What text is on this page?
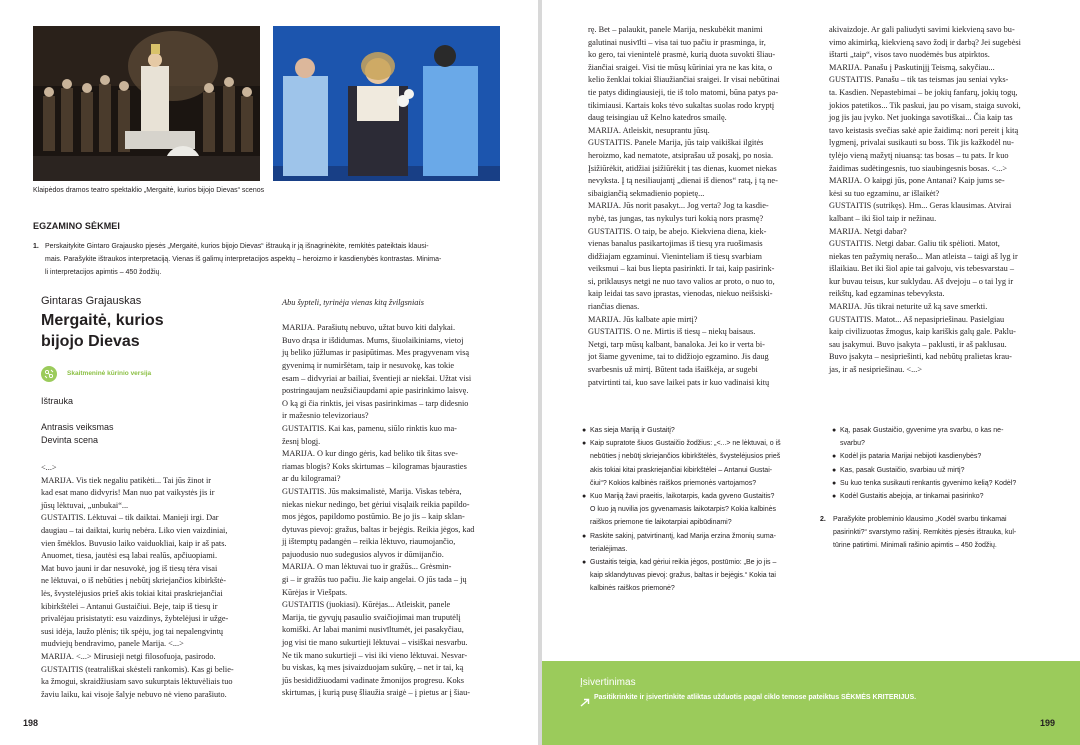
Klaipėdos dramos teatro spektaklio „Mergaitė, kurios bijojo Dievas“ scenos
EGZAMINO SĖKMEI
1. Perskaitykite Gintaro Grajausko pjesės „Mergaitė, kurios bijojo Dievas“ ištrauką ir ją išnagrinėkite, remkitės pateiktais klausi-
mais. Parašykite ištraukos interpretaciją. Vienas iš galimų interpretacijos aspektų – heroizmo ir kasdienybės kontrastas. Minima-
li interpretacijos apimtis – 450 žodžių.
Gintaras Grajauskas
Mergaitė, kurios
bijojo Dievas
Skaitmeninė kūrinio versija
Ištrauka
Antrasis veiksmas
Devinta scena
<...>
MARIJA. Vis tiek negaliu patikėti... Tai jūs žinot ir
kad esat mano didvyris! Man nuo pat vaikystės jis ir
jūsų lėktuvai, „unbukai“...
GUSTAITIS. Lėktuvai – tik daiktai. Manieji irgi. Dar
daugiau – tai daiktai, kurių nebėra. Liko vien vaizdiniai,
vien šmėklos. Buvusio laiko vaiduokliai, kaip ir aš pats.
Anuomet, tiesa, jautėsi esą labai realūs, apčiuopiami.
Mat buvo jauni ir dar nesuvokė, jog iš tiesų tėra visai
ne lėktuvai, o iš nebūties į nebūtį skriejančios kibirkštė-
lės, švystelėjusios prieš akis tokiai kitai praskriejančiai
kibirkštėlei – Antanui Gustaičiui. Beje, taip iš tiesų ir
privalėjau prisistatyti: esu vaizdinys, žybtelėjusi ir užge-
susi idėja, laužo plėnis; tik spėju, jog tai nepalengvintų
mudviejų bendravimo, panele Marija. <...>
MARIJA. <...> Mirusieji netgi filosofuoja, pasirodo.
GUSTAITIS (teatrališkai skėsteli rankomis). Kas gi belie-
ka žmogui, skraidžiusiam savo sukurptais lėktuvėliais tuo
žaviu laiku, kai visoje šalyje nebuvo nė vieno parašiuto.
Abu šypteli, tyrinėja vienas kitą žvilgsniais
MARIJA. Parašiutų nebuvo, užtat buvo kiti dalykai.
Buvo drąsa ir išdidumas. Mums, šiuolaikiniams, vietoj
jų beliko jūžlumas ir pasipūtimas. Mes pragyvenam visą
gyvenimą ir numiršėtam, taip ir nesuvokę, kas tokie
esam – didvyriai ar bailiai, šventieji ar niekšai. Užtat visi
postringaujam neužsičiaupdami apie pasirinkimo laisvę.
O ką gi čia rinktis, jei visas pasirinkimas – tarp didesnio
ir mažesnio televizoriaus?
GUSTAITIS. Kai kas, pamenu, siūlo rinktis kuo ma-
žesnį blogį.
MARIJA. O kur dingo gėris, kad beliko tik šitas sve-
riamas blogis? Koks skirtumas – kilogramas bjaurasties
ar du kilogramai?
GUSTAITIS. Jūs maksimalistė, Marija. Viskas tebėra,
niekas niekur nedingo, bet gėriui visąlaik reikia papildo-
mos jėgos, papildomo postūmio. Be jo jis – kaip sklan-
dytuvas pievoj: gražus, baltas ir bejėgis. Reikia jėgos, kad
jį ištemptų padangėn – reikia lėktuvo, riaumojančio,
pajuodusio nuo sudegusios alyvos ir dūmijančio.
MARIJA. O man lėktuvai tuo ir gražūs... Grėsmin-
gi – ir gražūs tuo pačiu. Jie kaip angelai. O jūs tada – jų
Kūrėjas ir Viešpats.
GUSTAITIS (juokiasi). Kūrėjas... Atleiskit, panele
Marija, tie gyvųjų pasaulio svaičiojimai man truputėlį
komiški. Ar labai manimi nusivīltumėt, jei pasakyčiau,
jog visi tie mano sukurtieji lėktuvai – visiškai nesvarbu.
Ne tik mano sukurtieji – visi iki vieno lėktuvai. Nesvar-
bu viskas, ką mes įsivaizduojam sukūrę, – net ir tai, ką
jūs besididžiuodami vadinate žmonijos progresu. Koks
skirtumas, į kurią pusę šliaužia sraigė – į pietus ar į šiau-
198
rę. Bet – palaukit, panele Marija, neskubėkit manimi
galutinai nusivīlti – visa tai tuo pačiu ir prasminga, ir,
ko gero, tai vienintelė prasmė, kurią duota suvokti šliau-
žiančiai sraigei. Visi tie mūsų kūriniai yra ne kas kita, o
kelio ženklai tokiai šliaužiančiai sraigei. Ir visai nebūtinai
tie patys didingiausieji, tie iš tolo matomi, būna patys pa-
tikimiausi. Kartais koks tėvo sukaltas suolas rodo kryptį
daug teisingiau už Kelno katedros smailę.
MARIJA. Atleiskit, nesuprantu jūsų.
GUSTAITIS. Panele Marija, jūs taip vaikiškai ilgitės
heroizmo, kad nematote, atsiprašau už posakį, po nosia.
Įsižiūrėkit, atidžiai įsižiūrėkit į tas dienas, kuomet niekas
nevyksta. Į tą nesiliaujantį „dienai iš dienos“ ratą, į tą ne-
sibaigiančią sekmadienio popietę...
MARIJA. Jūs norit pasakyt... Jog verta? Jog ta kasdie-
nybė, tas jungas, tas nykulys turi kokią nors prasmę?
GUSTAITIS. O taip, be abejo. Kiekviena diena, kiek-
vienas banalus pasikartojimas iš tiesų yra ruošimasis
didžiajam egzaminui. Vieninteliam iš tiesų svarbiam
veiksmui – kai bus liepta pasirinkti. Ir tai, kaip pasirink-
si, priklausys netgi ne nuo tavo valios ar proto, o nuo to,
kaip leidai tas savo įprastas, vienodas, niekuo neišsiski-
riančias dienas.
MARIJA. Jūs kalbate apie mirtį?
GUSTAITIS. O ne. Mirtis iš tiesų – niekų baisaus.
Netgi, tarp mūsų kalbant, banaloka. Jei ko ir verta bi-
jot šiame gyvenime, tai to didžiojo egzamino. Jis daug
svarbesnis už mirtį. Būtent tada išaiškėja, ar sugebi
patvirtinti tai, kuo save laikei pats ir kuo vadinaisi kitų
akivaizdoje. Ar gali paliudyti savimi kiekvieną savo bu-
vimo akimirką, kiekvieną savo žodį ir darbą? Jei sugebėsi
ištarti „taip“, visos tavo nuodėmės bus atpirktos.
MARIJA. Panašu į Paskutinįjį Teismą, sakyčiau...
GUSTAITIS. Panašu – tik tas teismas jau seniai vyks-
ta. Kasdien. Nepastebimai – be jokių fanfarų, jokių togų,
jokios patetikos... Tik paskui, jau po visam, staiga suvoki,
jog jis jau įvyko. Net juokinga savotiškai... Čia kaip tas
tavo keistasis svečias sakė apie žaidimą: nori pereit į kitą
lygmenį, privalai susikauti su boss. Tik jis kažkodėl nu-
tylėjo vieną mažytį niuansą: tas bosas – tu pats. Ir kuo
žaidimas sudėtingesnis, tuo siaubingesnis bosas. <...>
MARIJA. O kaipgi jūs, pone Antanai? Kaip jums se-
kėsi su tuo egzaminu, ar išlaikėt?
GUSTAITIS (sutrikęs). Hm... Geras klausimas. Atvirai
kalbant – iki šiol taip ir nežinau.
MARIJA. Netgi dabar?
GUSTAITIS. Netgi dabar. Galiu tik spėlioti. Matot,
niekas ten pažymių nerašo... Man atleista – taigi aš lyg ir
išlaikiau. Bet iki šiol apie tai galvoju, vis tebesvarstau –
kur buvau teisus, kur suklydau. Aš dvejoju – o tai lyg ir
reikštų, kad egzaminas tebevyksta.
MARIJA. Jūs tikrai neturite už ką save smerkti.
GUSTAITIS. Matot... Aš nepasipriešinau. Pasielgiau
kaip civilizuotas žmogus, kaip kariškis galų gale. Paklu-
sau įsakymui. Buvo įsakyta – paklusti, ir aš paklusau.
Buvo įsakyta – nesipriešinti, kad nebūtų pralietas krau-
jas, ir aš nesipriešinau. <...>
● Kas sieja Mariją ir Gustaitį?
● Kaip supratote šiuos Gustaičio žodžius: „<...> ne lėktuvai, o iš
nebūties į nebūtį skriejančios kibirkštėlės, švystelėjusios prieš
akis tokiai kitai praskriejančiai kibirkštėlei – Antanui Gustai-
čiui“? Kokios kalbinės raiškos priemonės vartojamos?
● Kuo Mariją žavi praeitis, laikotarpis, kada gyveno Gustaitis?
O kuo ją nuvilia jos gyvenamasis laikotarpis? Kokia kalbinės
raiškos priemone tie laikotarpiai apibūdinami?
● Raskite sakinį, patvirtinantį, kad Marija erzina žmonių suma-
terialėjimas.
● Gustaitis teigia, kad gėriui reikia jėgos, postūmio: „Be jo jis –
kaip sklandytuvas pievoj: gražus, baltas ir bejėgis.“ Kokia tai
kalbinės raiškos priemonė?
● Ką, pasak Gustaičio, gyvenime yra svarbu, o kas ne-
svarbu?
● Kodėl jis pataria Marijai nebijoti kasdienybės?
● Kas, pasak Gustaičio, svarbiau už mirtį?
● Su kuo tenka susikauti renkantis gyvenimo kelią? Kodėl?
● Kodėl Gustaitis abejoja, ar tinkamai pasirinko?
2. Parašykite probleminio klausimo „Kodėl svarbu tinkamai
pasirinkti?“ svarstymo rašinį. Remkitės pjesės ištrauka, kul-
tūrine patirtimi. Minimali rašinio apimtis – 450 žodžių.
Įsivertinimas
Pasitikrinkite ir įsivertinkite atliktas užduotis pagal ciklo temose pateiktus SĖKMĖS KRITERIJUS.
199
